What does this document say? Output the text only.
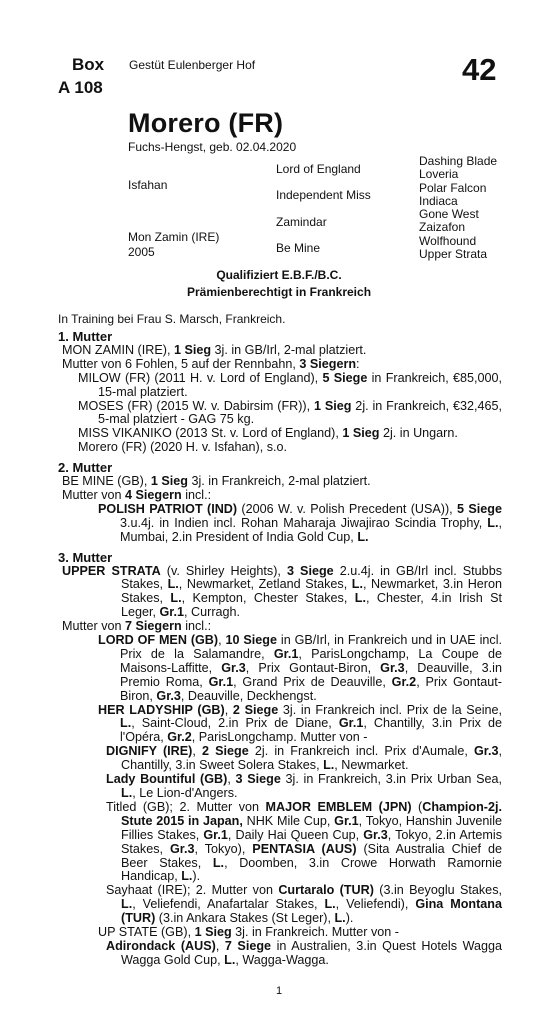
Box
A 108
Gestüt Eulenberger Hof	42
Morero (FR)
Fuchs-Hengst, geb. 02.04.2020
Isfahan
Mon Zamin (IRE)
2005
Lord of England
Independent Miss
Zamindar
Be Mine
Dashing Blade
Loveria
Polar Falcon
Indiaca
Gone West
Zaizafon
Wolfhound
Upper Strata
Qualifiziert E.B.F./B.C.
Prämienberechtigt in Frankreich
In Training bei Frau S. Marsch, Frankreich.

1. Mutter

MON ZAMIN (IRE), 1 Sieg 3j. in GB/Irl, 2-mal platziert.

Mutter von 6 Fohlen, 5 auf der Rennbahn, 3 Siegern:

MILOW (FR) (2011 H. v. Lord of England), 5 Siege in Frankreich, €85,000, 15-mal platziert.

MOSES (FR) (2015 W. v. Dabirsim (FR)), 1 Sieg 2j. in Frankreich, €32,465, 5-mal platziert - GAG 75 kg.

MISS VIKANIKO (2013 St. v. Lord of England), 1 Sieg 2j. in Ungarn.

Morero (FR) (2020 H. v. Isfahan), s.o.

2. Mutter

BE MINE (GB), 1 Sieg 3j. in Frankreich, 2-mal platziert.

Mutter von 4 Siegern incl.:

POLISH PATRIOT (IND) (2006 W. v. Polish Precedent (USA)), 5 Siege 3.u.4j. in Indien incl. Rohan Maharaja Jiwajirao Scindia Trophy, L., Mumbai, 2.in President of India Gold Cup, L.

3. Mutter

UPPER STRATA (v. Shirley Heights), 3 Siege 2.u.4j. in GB/Irl incl. Stubbs Stakes, L., Newmarket, Zetland Stakes, L., Newmarket, 3.in Heron Stakes, L., Kempton, Chester Stakes, L., Chester, 4.in Irish St Leger, Gr.1, Curragh.

Mutter von 7 Siegern incl.:

LORD OF MEN (GB), 10 Siege in GB/Irl, in Frankreich und in UAE incl. Prix de la Salamandre, Gr.1, ParisLongchamp, La Coupe de Maisons-Laffitte, Gr.3, Prix Gontaut-Biron, Gr.3, Deauville, 3.in Premio Roma, Gr.1, Grand Prix de Deauville, Gr.2, Prix Gontaut-Biron, Gr.3, Deauville, Deckhengst.

HER LADYSHIP (GB), 2 Siege 3j. in Frankreich incl. Prix de la Seine, L., Saint-Cloud, 2.in Prix de Diane, Gr.1, Chantilly, 3.in Prix de l'Opéra, Gr.2, ParisLongchamp. Mutter von -

DIGNIFY (IRE), 2 Siege 2j. in Frankreich incl. Prix d'Aumale, Gr.3, Chantilly, 3.in Sweet Solera Stakes, L., Newmarket.

Lady Bountiful (GB), 3 Siege 3j. in Frankreich, 3.in Prix Urban Sea, L., Le Lion-d'Angers.

Titled (GB); 2. Mutter von MAJOR EMBLEM (JPN) (Champion-2j. Stute 2015 in Japan, NHK Mile Cup, Gr.1, Tokyo, Hanshin Juvenile Fillies Stakes, Gr.1, Daily Hai Queen Cup, Gr.3, Tokyo, 2.in Artemis Stakes, Gr.3, Tokyo), PENTASIA (AUS) (Sita Australia Chief de Beer Stakes, L., Doomben, 3.in Crowe Horwath Ramornie Handicap, L.).

Sayhaat (IRE); 2. Mutter von Curtaralo (TUR) (3.in Beyoglu Stakes, L., Veliefendi, Anafartalar Stakes, L., Veliefendi), Gina Montana (TUR) (3.in Ankara Stakes (St Leger), L.).

UP STATE (GB), 1 Sieg 3j. in Frankreich. Mutter von -

Adirondack (AUS), 7 Siege in Australien, 3.in Quest Hotels Wagga Wagga Gold Cup, L., Wagga-Wagga.

1
